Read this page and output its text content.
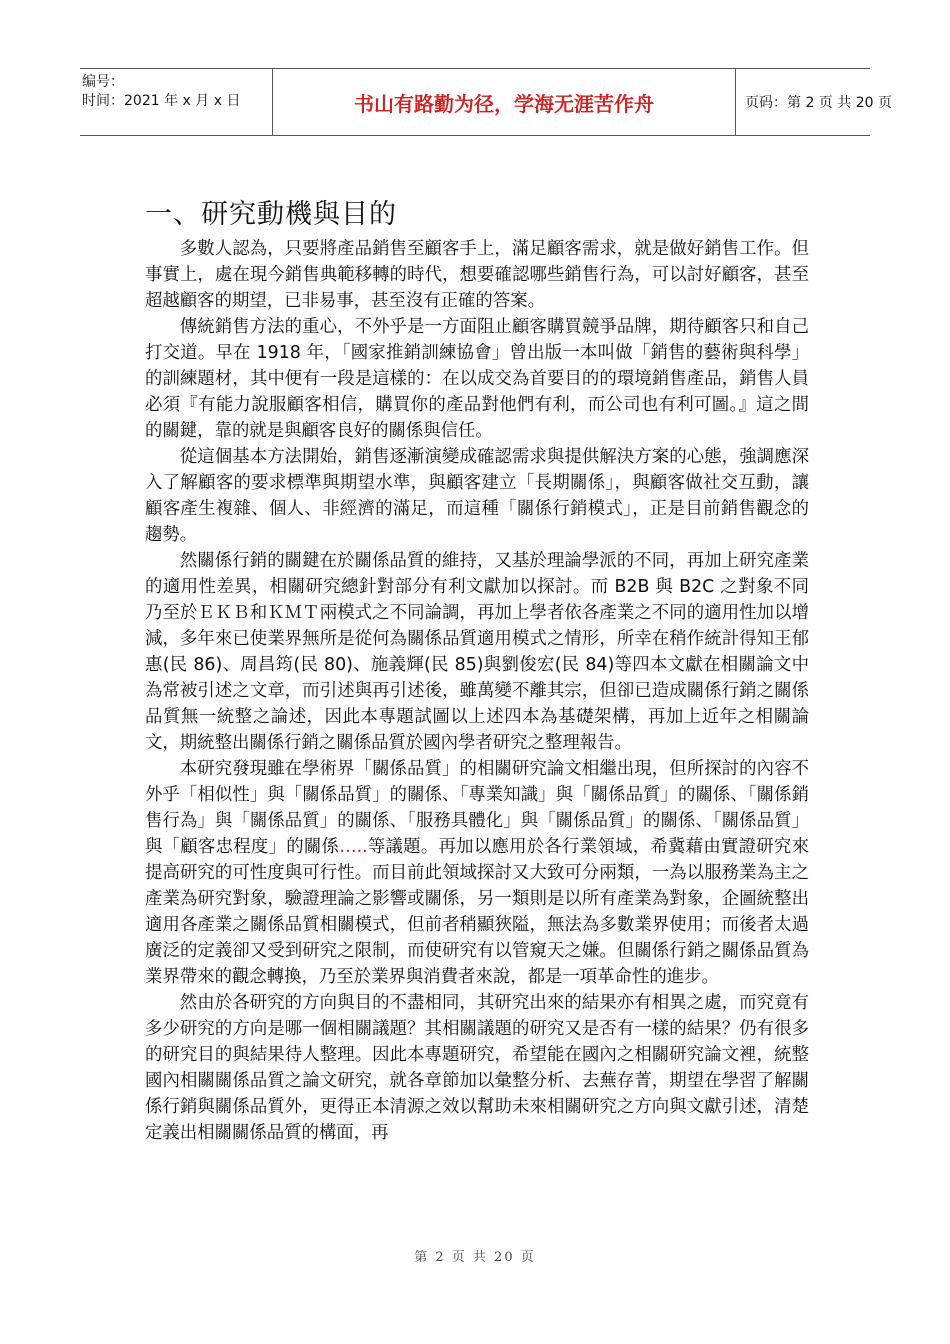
编号：
时间：2021 年 x 月 x 日	书山有路勤为径，学海无涯苦作舟	页码：第 2 页 共 20 页
一、研究動機與目的

多數人認為，只要將產品銷售至顧客手上，滿足顧客需求，就是做好銷售工作。但事實上，處在現今銷售典範移轉的時代，想要確認哪些銷售行為，可以討好顧客，甚至超越顧客的期望，已非易事，甚至沒有正確的答案。

傳統銷售方法的重心，不外乎是一方面阻止顧客購買競爭品牌，期待顧客只和自己打交道。早在 1918 年，「國家推銷訓練協會」曾出版一本叫做「銷售的藝術與科學」的訓練題材，其中便有一段是這樣的：在以成交為首要目的的環境銷售產品，銷售人員必須『有能力說服顧客相信，購買你的產品對他們有利，而公司也有利可圖。』這之間的關鍵，靠的就是與顧客良好的關係與信任。

從這個基本方法開始，銷售逐漸演變成確認需求與提供解決方案的心態，強調應深入了解顧客的要求標準與期望水準，與顧客建立「長期關係」，與顧客做社交互動，讓顧客產生複雜、個人、非經濟的滿足，而這種「關係行銷模式」，正是目前銷售觀念的趨勢。

然關係行銷的關鍵在於關係品質的維持，又基於理論學派的不同，再加上研究產業的適用性差異，相關研究總針對部分有利文獻加以探討。而 B2B 與 B2C 之對象不同乃至於ＥＫＢ和ＫＭＴ兩模式之不同論調，再加上學者依各產業之不同的適用性加以增減，多年來已使業界無所是從何為關係品質適用模式之情形，所幸在稍作統計得知王郁惠(民 86)、周昌筠(民 80)、施義輝(民 85)與劉俊宏(民 84)等四本文獻在相關論文中為常被引述之文章，而引述與再引述後，雖萬變不離其宗，但卻已造成關係行銷之關係品質無一統整之論述，因此本專題試圖以上述四本為基礎架構，再加上近年之相關論文，期統整出關係行銷之關係品質於國內學者研究之整理報告。

本研究發現雖在學術界「關係品質」的相關研究論文相繼出現，但所探討的內容不外乎「相似性」與「關係品質」的關係、「專業知識」與「關係品質」的關係、「關係銷售行為」與「關係品質」的關係、「服務具體化」與「關係品質」的關係、「關係品質」與「顧客忠程度」的關係…..等議題。再加以應用於各行業領域，希冀藉由實證研究來提高研究的可性度與可行性。而目前此領域探討又大致可分兩類，一為以服務業為主之產業為研究對象，驗證理論之影響或關係，另一類則是以所有產業為對象，企圖統整出適用各產業之關係品質相關模式，但前者稍顯狹隘，無法為多數業界使用；而後者太過廣泛的定義卻又受到研究之限制，而使研究有以管窺天之嫌。但關係行銷之關係品質為業界帶來的觀念轉換，乃至於業界與消費者來說，都是一項革命性的進步。

然由於各研究的方向與目的不盡相同，其研究出來的結果亦有相異之處，而究竟有多少研究的方向是哪一個相關議題？其相關議題的研究又是否有一樣的結果？仍有很多的研究目的與結果待人整理。因此本專題研究，希望能在國內之相關研究論文裡，統整國內相關關係品質之論文研究，就各章節加以彙整分析、去蕪存菁，期望在學習了解關係行銷與關係品質外，更得正本清源之效以幫助未來相關研究之方向與文獻引述，清楚定義出相關關係品質的構面，再

第 2 页 共 20 页
